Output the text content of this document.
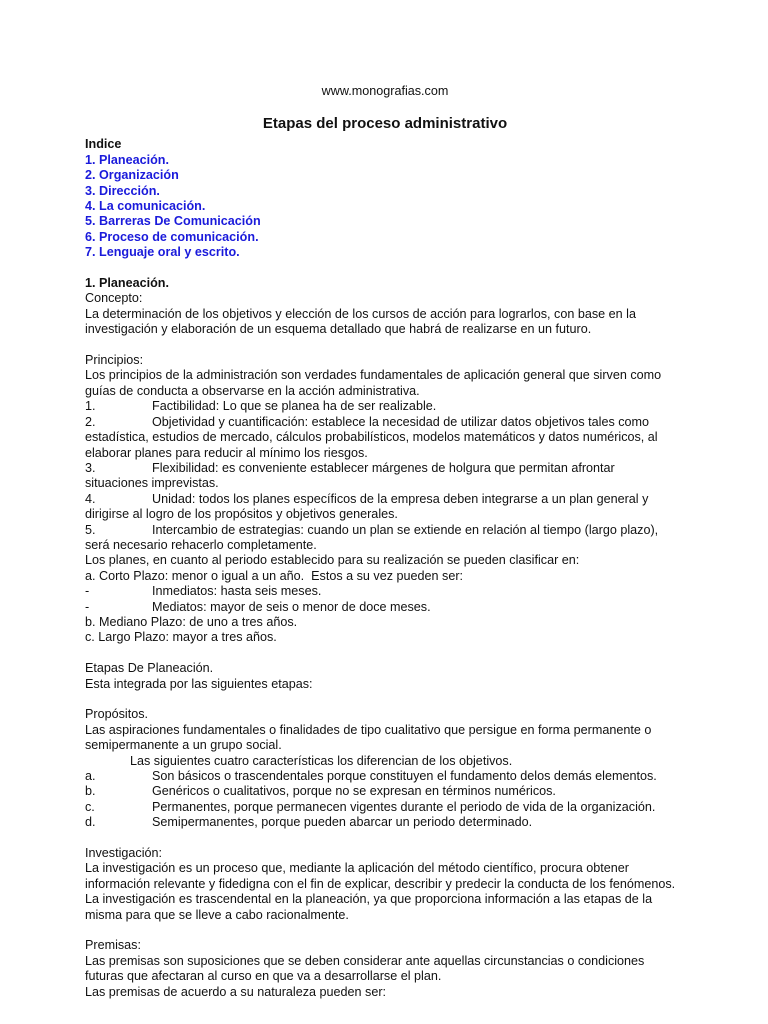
www.monografias.com
Etapas del proceso administrativo
Indice
1. Planeación.
2. Organización
3. Dirección.
4. La comunicación.
5. Barreras De Comunicación
6. Proceso de comunicación.
7. Lenguaje oral y escrito.
1. Planeación.
Concepto:
La determinación de los objetivos y elección de los cursos de acción para lograrlos, con base en la
investigación y elaboración de un esquema detallado que habrá de realizarse en un futuro.
Principios:
Los principios de la administración son verdades fundamentales de aplicación general que sirven como
guías de conducta a observarse en la acción administrativa.
1.	Factibilidad: Lo que se planea ha de ser realizable.
2.	Objetividad y cuantificación: establece la necesidad de utilizar datos objetivos tales como
estadística, estudios de mercado, cálculos probabilísticos, modelos matemáticos y datos numéricos, al
elaborar planes para reducir al mínimo los riesgos.
3.	Flexibilidad: es conveniente establecer márgenes de holgura que permitan afrontar
situaciones imprevistas.
4.	Unidad: todos los planes específicos de la empresa deben integrarse a un plan general y
dirigirse al logro de los propósitos y objetivos generales.
5.	Intercambio de estrategias: cuando un plan se extiende en relación al tiempo (largo plazo),
será necesario rehacerlo completamente.
Los planes, en cuanto al periodo establecido para su realización se pueden clasificar en:
a. Corto Plazo: menor o igual a un año.  Estos a su vez pueden ser:
-	Inmediatos: hasta seis meses.
-	Mediatos: mayor de seis o menor de doce meses.
b. Mediano Plazo: de uno a tres años.
c. Largo Plazo: mayor a tres años.
Etapas De Planeación.
Esta integrada por las siguientes etapas:
Propósitos.
Las aspiraciones fundamentales o finalidades de tipo cualitativo que persigue en forma permanente o
semipermanente a un grupo social.
Las siguientes cuatro características los diferencian de los objetivos.
a.	Son básicos o trascendentales porque constituyen el fundamento delos demás elementos.
b.	Genéricos o cualitativos, porque no se expresan en términos numéricos.
c.	Permanentes, porque permanecen vigentes durante el periodo de vida de la organización.
d.	Semipermanentes, porque pueden abarcar un periodo determinado.
Investigación:
La investigación es un proceso que, mediante la aplicación del método científico, procura obtener
información relevante y fidedigna con el fin de explicar, describir y predecir la conducta de los fenómenos.
La investigación es trascendental en la planeación, ya que proporciona información a las etapas de la
misma para que se lleve a cabo racionalmente.
Premisas:
Las premisas son suposiciones que se deben considerar ante aquellas circunstancias o condiciones
futuras que afectaran al curso en que va a desarrollarse el plan.
Las premisas de acuerdo a su naturaleza pueden ser:
